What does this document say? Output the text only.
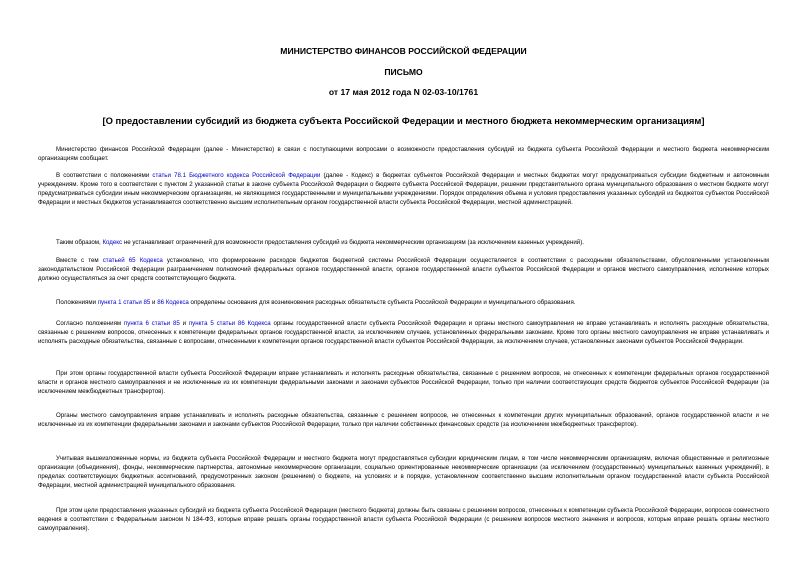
МИНИСТЕРСТВО ФИНАНСОВ РОССИЙСКОЙ ФЕДЕРАЦИИ
ПИСЬМО
от 17 мая 2012 года N 02-03-10/1761
[О предоставлении субсидий из бюджета субъекта Российской Федерации и местного бюджета некоммерческим организациям]

Министерство финансов Российской Федерации (далее - Министерство) в связи с поступающими вопросами о возможности предоставления субсидий из бюджета субъекта Российской Федерации и местного бюджета некоммерческим организациям сообщает.

В соответствии с положениями статьи 78.1 Бюджетного кодекса Российской Федерации (далее - Кодекс) в бюджетах субъектов Российской Федерации и местных бюджетах могут предусматриваться субсидии бюджетным и автономным учреждениям. Кроме того в соответствии с пунктом 2 указанной статьи в законе субъекта Российской Федерации о бюджете субъекта Российской Федерации, решении представительного органа муниципального образования о местном бюджете могут предусматриваться субсидии иным некоммерческим организациям, не являющимся государственными и муниципальными учреждениями. Порядок определения объема и условия предоставления указанных субсидий из бюджетов субъектов Российской Федерации и местных бюджетов устанавливается соответственно высшим исполнительным органом государственной власти субъекта Российской Федерации, местной администрацией.

Таким образом, Кодекс не устанавливает ограничений для возможности предоставления субсидий из бюджета некоммерческим организациям (за исключением казенных учреждений).

Вместе с тем статьей 65 Кодекса установлено, что формирование расходов бюджетов бюджетной системы Российской Федерации осуществляется в соответствии с расходными обязательствами, обусловленными установленным законодательством Российской Федерации разграничением полномочий федеральных органов государственной власти, органов государственной власти субъектов Российской Федерации и органов местного самоуправления, исполнение которых должно осуществляться за счет средств соответствующего бюджета.

Положениями пункта 1 статьи 85 и 86 Кодекса определены основания для возникновения расходных обязательств субъекта Российской Федерации и муниципального образования.

Согласно положениям пункта 6 статьи 85 и пункта 5 статьи 86 Кодекса органы государственной власти субъекта Российской Федерации и органы местного самоуправления не вправе устанавливать и исполнять расходные обязательства, связанные с решением вопросов, отнесенных к компетенции федеральных органов государственной власти, за исключением случаев, установленных федеральными законами. Кроме того органы местного самоуправления не вправе устанавливать и исполнять расходные обязательства, связанные с вопросами, отнесенными к компетенции органов государственной власти субъектов Российской Федерации, за исключением случаев, установленных законами субъектов Российской Федерации.

При этом органы государственной власти субъекта Российской Федерации вправе устанавливать и исполнять расходные обязательства, связанные с решением вопросов, не отнесенных к компетенции федеральных органов государственной власти и органов местного самоуправления и не исключенные из их компетенции федеральными законами и законами субъектов Российской Федерации, только при наличии соответствующих средств бюджетов субъектов Российской Федерации (за исключением межбюджетных трансфертов).

Органы местного самоуправления вправе устанавливать и исполнять расходные обязательства, связанные с решением вопросов, не отнесенных к компетенции других муниципальных образований, органов государственной власти и не исключенные из их компетенции федеральными законами и законами субъектов Российской Федерации, только при наличии собственных финансовых средств (за исключением межбюджетных трансфертов).

Учитывая вышеизложенные нормы, из бюджета субъекта Российской Федерации и местного бюджета могут предоставляться субсидии юридическим лицам, в том числе некоммерческим организациям, включая общественные и религиозные организации (объединения), фонды, некоммерческие партнерства, автономные некоммерческие организации, социально ориентированные некоммерческие организации (за исключением (государственных) муниципальных казенных учреждений), в пределах соответствующих бюджетных ассигнований, предусмотренных законом (решением) о бюджете, на условиях и в порядке, установленном соответственно высшим исполнительным органом государственной власти субъекта Российской Федерации, местной администрацией муниципального образования.

При этом цели предоставления указанных субсидий из бюджета субъекта Российской Федерации (местного бюджета) должны быть связаны с решением вопросов, отнесенных к компетенции субъекта Российской Федерации, вопросов совместного ведения в соответствии с Федеральным законом N 184-ФЗ, которые вправе решать органы государственной власти субъекта Российской Федерации (с решением вопросов местного значения и вопросов, которые вправе решать органы местного самоуправления).
